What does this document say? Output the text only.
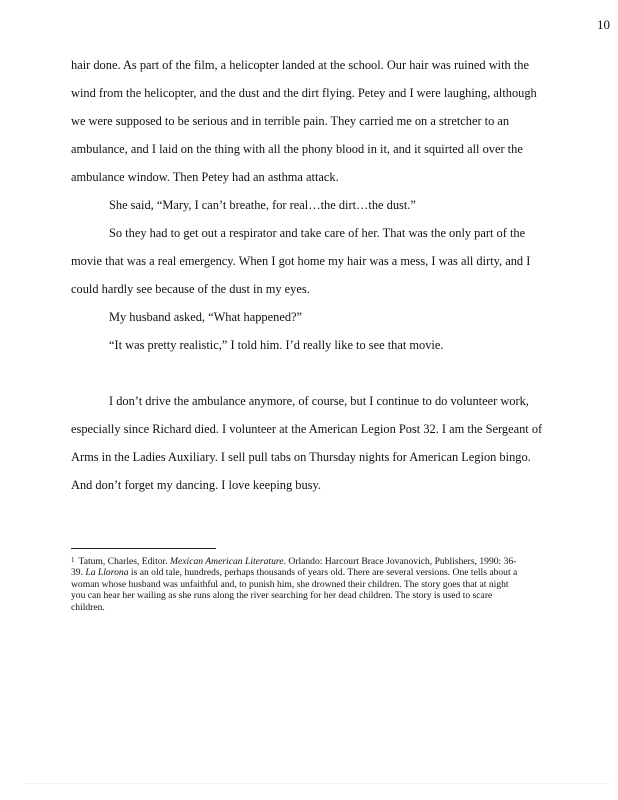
10
hair done. As part of the film, a helicopter landed at the school. Our hair was ruined with the
wind from the helicopter, and the dust and the dirt flying. Petey and I were laughing, although
we were supposed to be serious and in terrible pain. They carried me on a stretcher to an
ambulance, and I laid on the thing with all the phony blood in it, and it squirted all over the
ambulance window. Then Petey had an asthma attack.
She said, “Mary, I can’t breathe, for real…the dirt…the dust.”
So they had to get out a respirator and take care of her. That was the only part of the
movie that was a real emergency. When I got home my hair was a mess, I was all dirty, and I
could hardly see because of the dust in my eyes.
My husband asked, “What happened?”
“It was pretty realistic,” I told him. I’d really like to see that movie.
I don’t drive the ambulance anymore, of course, but I continue to do volunteer work,
especially since Richard died. I volunteer at the American Legion Post 32. I am the Sergeant of
Arms in the Ladies Auxiliary. I sell pull tabs on Thursday nights for American Legion bingo.
And don’t forget my dancing. I love keeping busy.
$^1$ Tatum, Charles, Editor. Mexican American Literature. Orlando: Harcourt Brace Jovanovich, Publishers, 1990: 36-
39. La Llorona is an old tale, hundreds, perhaps thousands of years old. There are several versions. One tells about a
woman whose husband was unfaithful and, to punish him, she drowned their children. The story goes that at night
you can hear her wailing as she runs along the river searching for her dead children. The story is used to scare
children.
